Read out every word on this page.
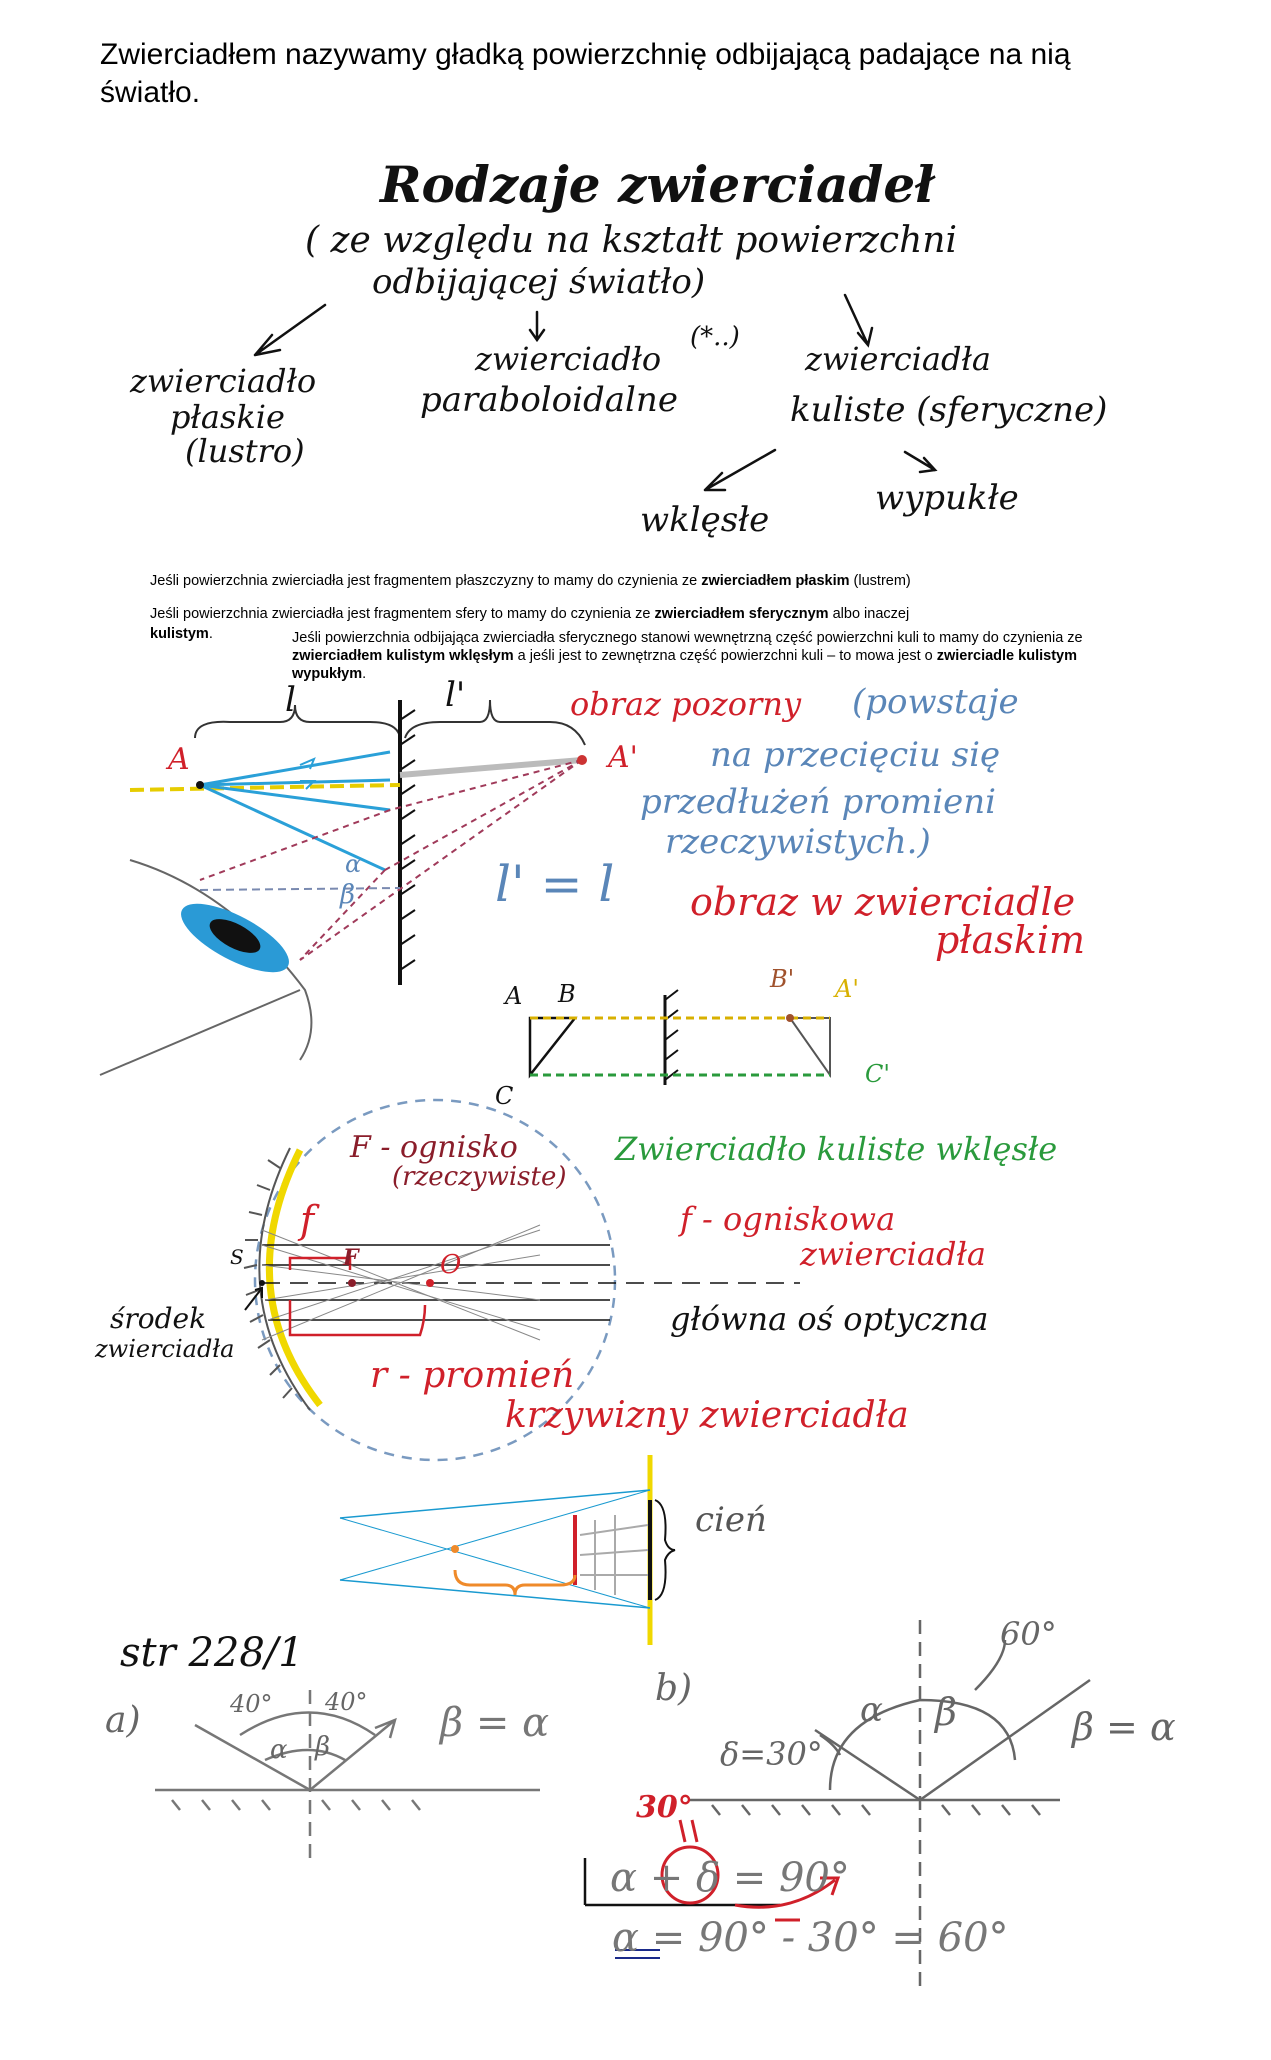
Zwierciadłem nazywamy gładką powierzchnię odbijającą padające na nią światło.
Rodzaje zwierciadeł
( ze względu na kształt powierzchni
odbijającej światło)
zwierciadło
płaskie
(lustro)
zwierciadło
(*..)
paraboloidalne
zwierciadła
kuliste (sferyczne)
wklęsłe
wypukłe
Jeśli powierzchnia zwierciadła jest fragmentem płaszczyzny to mamy do czynienia ze zwierciadłem płaskim (lustrem)
Jeśli powierzchnia zwierciadła jest fragmentem sfery to mamy do czynienia ze zwierciadłem sferycznym albo inaczej
kulistym.	Jeśli powierzchnia odbijająca zwierciadła sferycznego stanowi wewnętrzną część powierzchni kuli to mamy do czynienia ze zwierciadłem kulistym wklęsłym a jeśli jest to zewnętrzna część powierzchni kuli – to mowa jest o zwierciadle kulistym wypukłym.
l	l'
A	A'
obraz pozorny (powstaje
na przecięciu się
przedłużeń promieni
rzeczywistych.)
α
β	l' = l obraz w zwierciadle
płaskim
A B
C
B' A'
C'
F - ognisko
(rzeczywiste)
f
F	O
S
środek
zwierciadła
Zwierciadło kuliste wklęsłe
f - ogniskowa
zwierciadła
główna oś optyczna
r - promień
krzywizny zwierciadła
cień
str 228/1
a)	40° 40°
α β
β = α
b)
60°
α β	β = α
δ=30°
30°
α + δ = 90°
α = 90° - 30° = 60°
